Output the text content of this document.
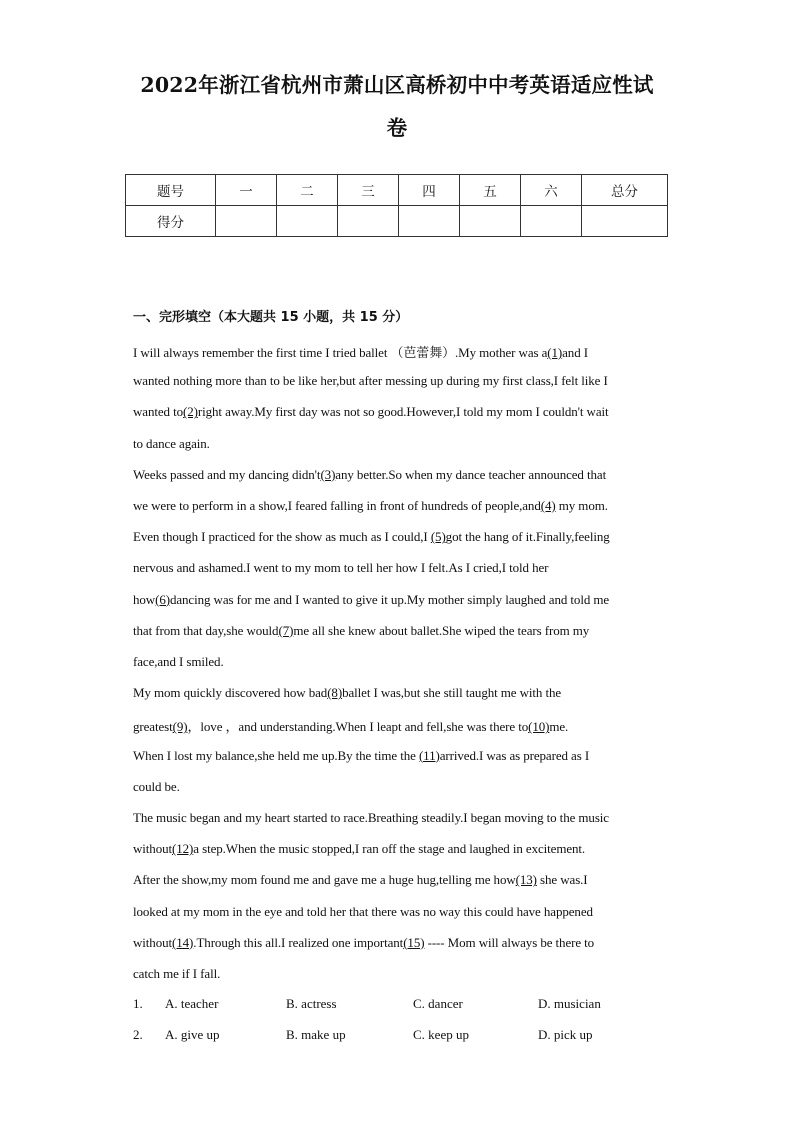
2022年浙江省杭州市萧山区高桥初中中考英语适应性试
卷
题号	一	二	三	四	五	六	总分
得分							
一、完形填空（本大题共 15 小题，共 15 分）
I will always remember the first time I tried ballet （芭蕾舞）.My mother was a(1)and I
wanted nothing more than to be like her,but after messing up during my first class,I felt like I
wanted to(2)right away.My first day was not so good.However,I told my mom I couldn't wait
to dance again.
Weeks passed and my dancing didn't(3)any better.So when my dance teacher announced that
we were to perform in a show,I feared falling in front of hundreds of people,and(4) my mom.
Even though I practiced for the show as much as I could,I (5)got the hang of it.Finally,feeling
nervous and ashamed.I went to my mom to tell her how I felt.As I cried,I told her
how(6)dancing was for me and I wanted to give it up.My mother simply laughed and told me
that from that day,she would(7)me all she knew about ballet.She wiped the tears from my
face,and I smiled.
My mom quickly discovered how bad(8)ballet I was,but she still taught me with the
greatest(9)，love ，and understanding.When I leapt and fell,she was there to(10)me.
When I lost my balance,she held me up.By the time the (11)arrived.I was as prepared as I
could be.
The music began and my heart started to race.Breathing steadily.I began moving to the music
without(12)a step.When the music stopped,I ran off the stage and laughed in excitement.
After the show,my mom found me and gave me a huge hug,telling me how(13) she was.I
looked at my mom in the eye and told her that there was no way this could have happened
without(14).Through this all.I realized one important(15) ---- Mom will always be there to
catch me if I fall.
1. A. teacher	B. actress	C. dancer	D. musician
2. A. give up	B. make up	C. keep up	D. pick up
